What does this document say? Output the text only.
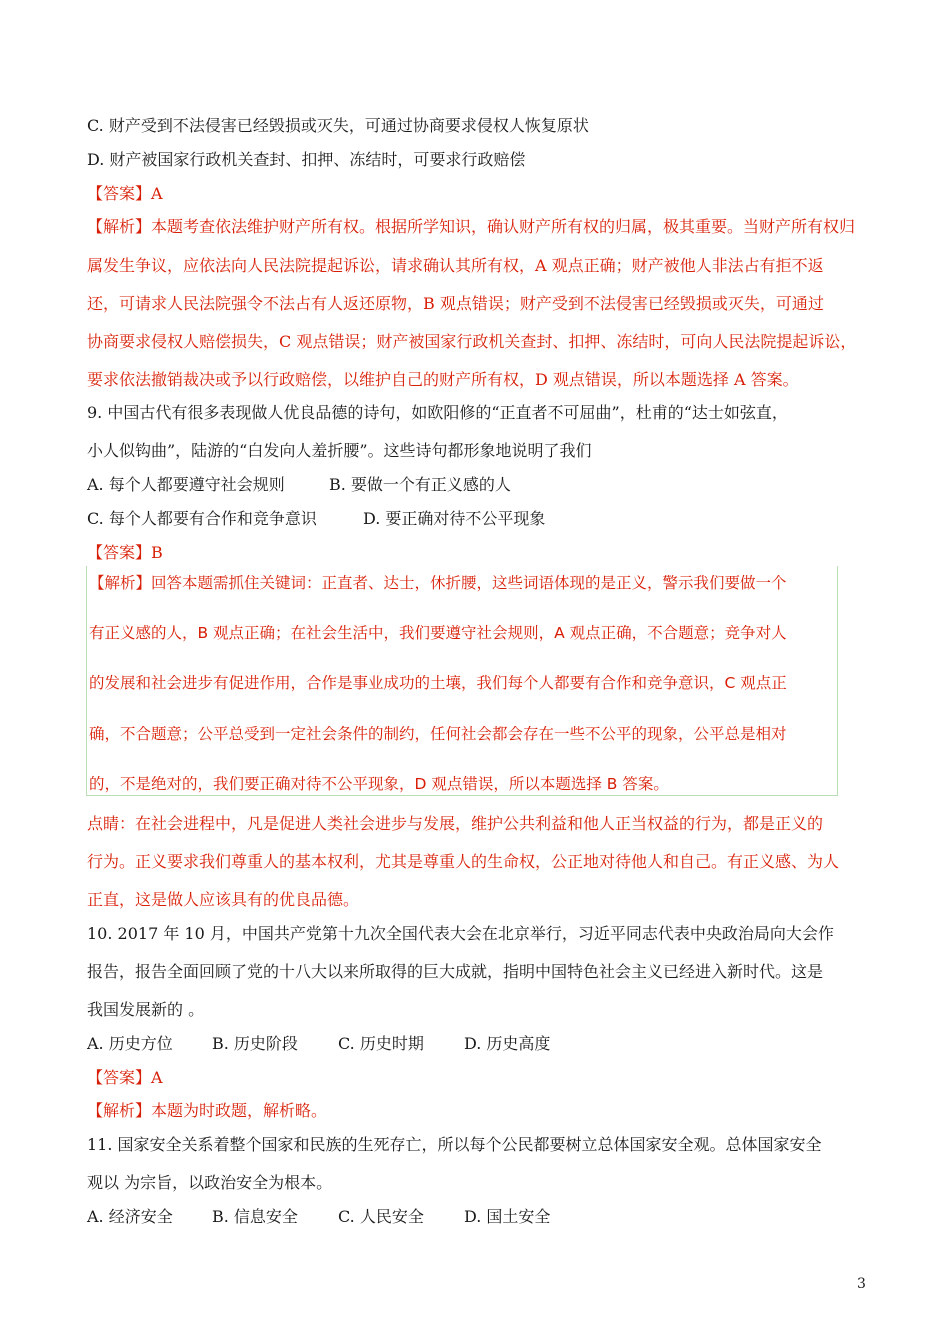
C. 财产受到不法侵害已经毁损或灭失，可通过协商要求侵权人恢复原状
D. 财产被国家行政机关查封、扣押、冻结时，可要求行政赔偿
【答案】A
【解析】本题考查依法维护财产所有权。根据所学知识，确认财产所有权的归属，极其重要。当财产所有权归
属发生争议，应依法向人民法院提起诉讼，请求确认其所有权，A 观点正确；财产被他人非法占有拒不返
还，可请求人民法院强令不法占有人返还原物，B 观点错误；财产受到不法侵害已经毁损或灭失，可通过
协商要求侵权人赔偿损失，C 观点错误；财产被国家行政机关查封、扣押、冻结时，可向人民法院提起诉讼，
要求依法撤销裁决或予以行政赔偿，以维护自己的财产所有权，D 观点错误，所以本题选择 A 答案。
9. 中国古代有很多表现做人优良品德的诗句，如欧阳修的“正直者不可屈曲”，杜甫的“达士如弦直，
小人似钩曲”，陆游的“白发向人羞折腰”。这些诗句都形象地说明了我们
A. 每个人都要遵守社会规则	B. 要做一个有正义感的人
C. 每个人都要有合作和竞争意识	D. 要正确对待不公平现象
【答案】B
【解析】回答本题需抓住关键词：正直者、达士，休折腰，这些词语体现的是正义，警示我们要做一个
有正义感的人，B 观点正确；在社会生活中，我们要遵守社会规则，A 观点正确，不合题意；竞争对人
的发展和社会进步有促进作用，合作是事业成功的土壤，我们每个人都要有合作和竞争意识，C 观点正
确，不合题意；公平总受到一定社会条件的制约，任何社会都会存在一些不公平的现象，公平总是相对
的，不是绝对的，我们要正确对待不公平现象，D 观点错误，所以本题选择 B 答案。
点睛：在社会进程中，凡是促进人类社会进步与发展，维护公共利益和他人正当权益的行为，都是正义的
行为。正义要求我们尊重人的基本权利，尤其是尊重人的生命权，公正地对待他人和自己。有正义感、为人
正直，这是做人应该具有的优良品德。
10. 2017 年 10 月，中国共产党第十九次全国代表大会在北京举行，习近平同志代表中央政治局向大会作
报告，报告全面回顾了党的十八大以来所取得的巨大成就，指明中国特色社会主义已经进入新时代。这是
我国发展新的 。
A. 历史方位 B. 历史阶段	C. 历史时期	D. 历史高度
【答案】A
【解析】本题为时政题，解析略。
11. 国家安全关系着整个国家和民族的生死存亡，所以每个公民都要树立总体国家安全观。总体国家安全
观以 为宗旨，以政治安全为根本。
A. 经济安全 B. 信息安全	C. 人民安全	D. 国土安全
3
